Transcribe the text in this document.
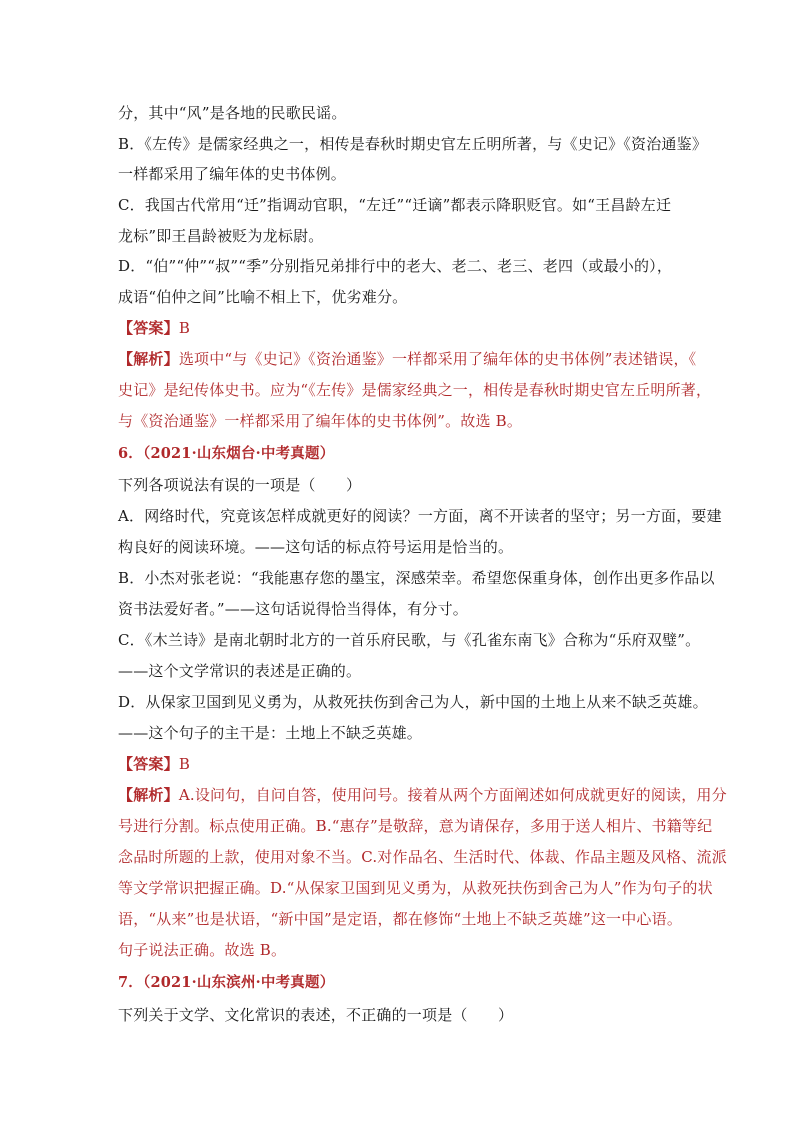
分，其中“风”是各地的民歌民谣。
B．《左传》是儒家经典之一，相传是春秋时期史官左丘明所著，与《史记》《资治通鉴》
一样都采用了编年体的史书体例。
C．我国古代常用“迁”指调动官职，“左迁”“迁谪”都表示降职贬官。如“王昌龄左迁
龙标”即王昌龄被贬为龙标尉。
D．“伯”“仲”“叔”“季”分别指兄弟排行中的老大、老二、老三、老四（或最小的），
成语“伯仲之间”比喻不相上下，优劣难分。
【答案】B
【解析】选项中“与《史记》《资治通鉴》一样都采用了编年体的史书体例”表述错误，《
史记》是纪传体史书。应为“《左传》是儒家经典之一，相传是春秋时期史官左丘明所著，
与《资治通鉴》一样都采用了编年体的史书体例”。故选 B。
6．（2021·山东烟台·中考真题）
下列各项说法有误的一项是（　　）
A．网络时代，究竟该怎样成就更好的阅读？一方面，离不开读者的坚守；另一方面，要建
构良好的阅读环境。——这句话的标点符号运用是恰当的。
B．小杰对张老说：“我能惠存您的墨宝，深感荣幸。希望您保重身体，创作出更多作品以
资书法爱好者。”——这句话说得恰当得体，有分寸。
C．《木兰诗》是南北朝时北方的一首乐府民歌，与《孔雀东南飞》合称为“乐府双璧”。
——这个文学常识的表述是正确的。
D．从保家卫国到见义勇为，从救死扶伤到舍己为人，新中国的土地上从来不缺乏英雄。
——这个句子的主干是：土地上不缺乏英雄。
【答案】B
【解析】A.设问句，自问自答，使用问号。接着从两个方面阐述如何成就更好的阅读，用分
号进行分割。标点使用正确。B.“惠存”是敬辞，意为请保存，多用于送人相片、书籍等纪
念品时所题的上款，使用对象不当。C.对作品名、生活时代、体裁、作品主题及风格、流派
等文学常识把握正确。D.“从保家卫国到见义勇为，从救死扶伤到舍己为人”作为句子的状
语，“从来”也是状语，“新中国”是定语，都在修饰“土地上不缺乏英雄”这一中心语。
句子说法正确。故选 B。
7．（2021·山东滨州·中考真题）
下列关于文学、文化常识的表述，不正确的一项是（　　）
